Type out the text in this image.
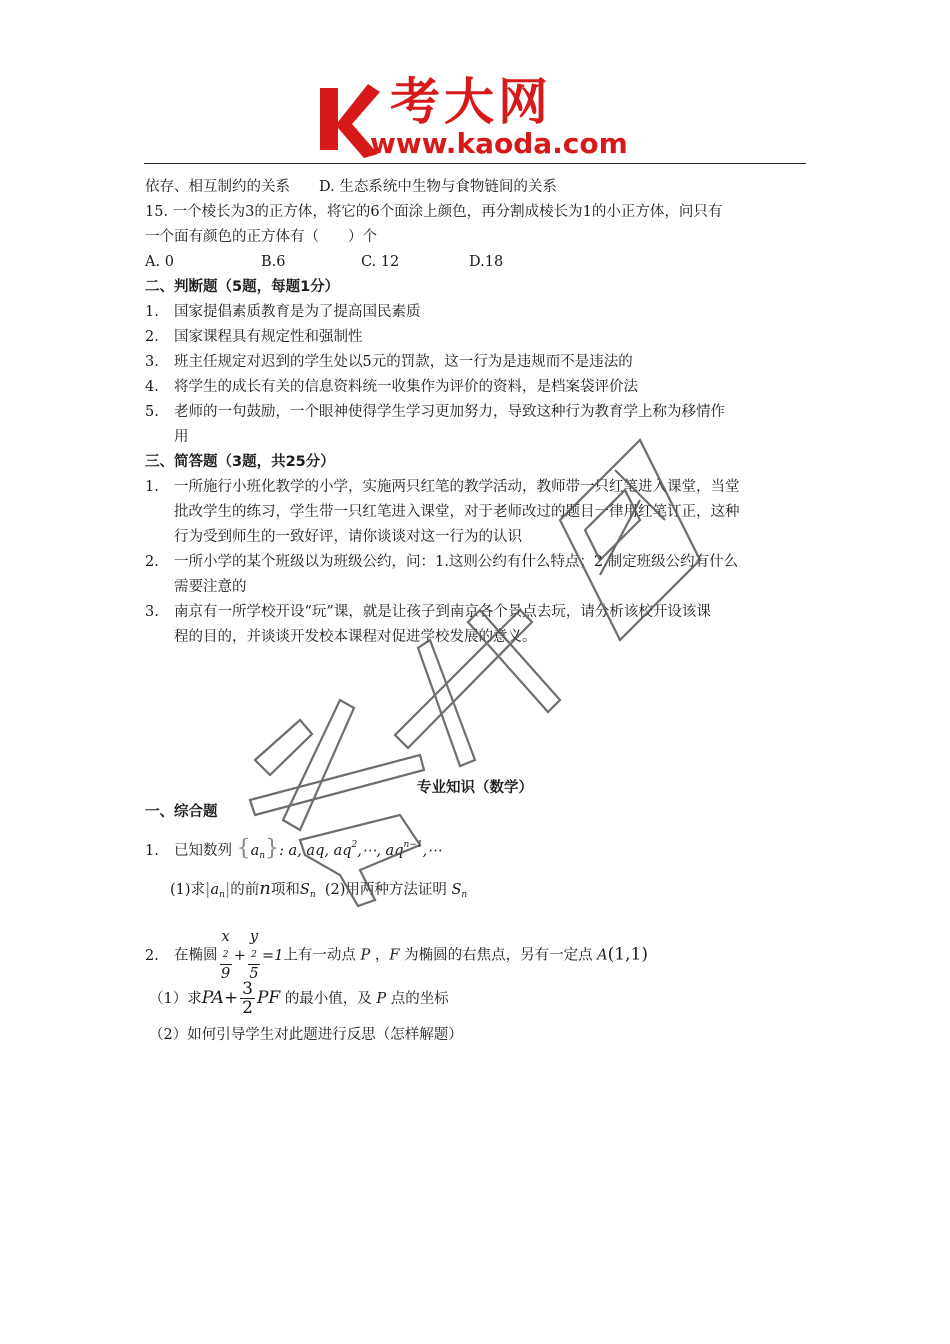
考大网
www.kaoda.com
依存、相互制约的关系　　D. 生态系统中生物与食物链间的关系
15. 一个棱长为3的正方体，将它的6个面涂上颜色，再分割成棱长为1的小正方体，问只有
一个面有颜色的正方体有（　　）个
A. 0	B.6	C. 12	D.18
二、判断题（5题，每题1分）
1. 国家提倡素质教育是为了提高国民素质
2. 国家课程具有规定性和强制性
3. 班主任规定对迟到的学生处以5元的罚款，这一行为是违规而不是违法的
4. 将学生的成长有关的信息资料统一收集作为评价的资料，是档案袋评价法
5. 老师的一句鼓励，一个眼神使得学生学习更加努力，导致这种行为教育学上称为移情作
用
三、简答题（3题，共25分）
1. 一所施行小班化教学的小学，实施两只红笔的教学活动，教师带一只红笔进入课堂，当堂
批改学生的练习，学生带一只红笔进入课堂，对于老师改过的题目一律用红笔订正，这种
行为受到师生的一致好评，请你谈谈对这一行为的认识
2. 一所小学的某个班级以为班级公约，问：1.这则公约有什么特点；2.制定班级公约有什么
需要注意的
3. 南京有一所学校开设“玩”课，就是让孩子到南京各个景点去玩，请分析该校开设该课
程的目的，并谈谈开发校本课程对促进学校发展的意义。
专业知识（数学）
一、综合题
1. 已知数列 $\{a_n\}$: a, aq, $aq^2,\cdots$, $aq^{n-1},\cdots$
(1)求$|a_n|$的前n项和$S_n$ (2)用两种方法证明 $S_n$
2. 在椭圆 x
2
9 + y
2
5 =1上有一动点 P ，F 为椭圆的右焦点，另有一定点 A(1,1)
（1）求$PA+ \frac{3}{2}$ PF 的最小值，及 P 点的坐标
（2）如何引导学生对此题进行反思（怎样解题）
